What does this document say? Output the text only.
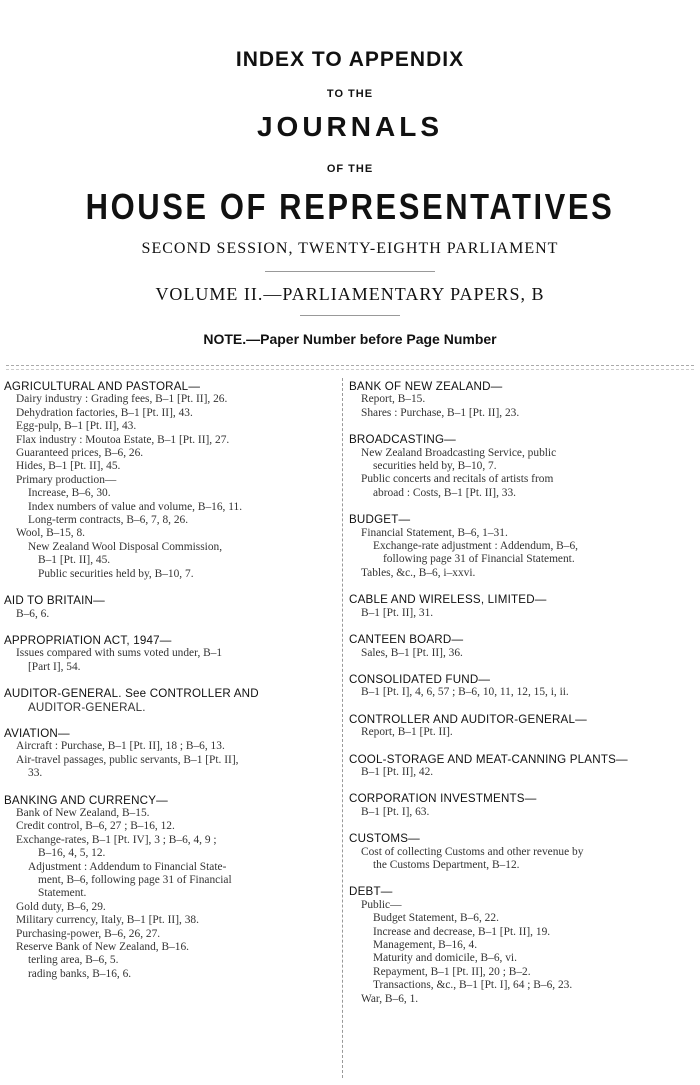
INDEX TO APPENDIX
TO THE
JOURNALS
OF THE
HOUSE OF REPRESENTATIVES
SECOND SESSION, TWENTY-EIGHTH PARLIAMENT
VOLUME II.—PARLIAMENTARY PAPERS, B
NOTE.—Paper Number before Page Number
AGRICULTURAL AND PASTORAL—
Dairy industry : Grading fees, B–1 [Pt. II], 26.
Dehydration factories, B–1 [Pt. II], 43.
Egg-pulp, B–1 [Pt. II], 43.
Flax industry : Moutoa Estate, B–1 [Pt. II], 27.
Guaranteed prices, B–6, 26.
Hides, B–1 [Pt. II], 45.
Primary production—
Increase, B–6, 30.
Index numbers of value and volume, B–16, 11.
Long-term contracts, B–6, 7, 8, 26.
Wool, B–15, 8.
New Zealand Wool Disposal Commission,
B–1 [Pt. II], 45.
Public securities held by, B–10, 7.
AID TO BRITAIN—
B–6, 6.
APPROPRIATION ACT, 1947—
Issues compared with sums voted under, B–1
[Part I], 54.
AUDITOR-GENERAL. See CONTROLLER AND
AUDITOR-GENERAL.
AVIATION—
Aircraft : Purchase, B–1 [Pt. II], 18 ; B–6, 13.
Air-travel passages, public servants, B–1 [Pt. II],
33.
BANKING AND CURRENCY—
Bank of New Zealand, B–15.
Credit control, B–6, 27 ; B–16, 12.
Exchange-rates, B–1 [Pt. IV], 3 ; B–6, 4, 9 ;
B–16, 4, 5, 12.
Adjustment : Addendum to Financial State-
ment, B–6, following page 31 of Financial
Statement.
Gold duty, B–6, 29.
Military currency, Italy, B–1 [Pt. II], 38.
Purchasing-power, B–6, 26, 27.
Reserve Bank of New Zealand, B–16.
terling area, B–6, 5.
rading banks, B–16, 6.
BANK OF NEW ZEALAND—
Report, B–15.
Shares : Purchase, B–1 [Pt. II], 23.
BROADCASTING—
New Zealand Broadcasting Service, public
securities held by, B–10, 7.
Public concerts and recitals of artists from
abroad : Costs, B–1 [Pt. II], 33.
BUDGET—
Financial Statement, B–6, 1–31.
Exchange-rate adjustment : Addendum, B–6,
following page 31 of Financial Statement.
Tables, &c., B–6, i–xxvi.
CABLE AND WIRELESS, LIMITED—
B–1 [Pt. II], 31.
CANTEEN BOARD—
Sales, B–1 [Pt. II], 36.
CONSOLIDATED FUND—
B–1 [Pt. I], 4, 6, 57 ; B–6, 10, 11, 12, 15, i, ii.
CONTROLLER AND AUDITOR-GENERAL—
Report, B–1 [Pt. II].
COOL-STORAGE AND MEAT-CANNING PLANTS—
B–1 [Pt. II], 42.
CORPORATION INVESTMENTS—
B–1 [Pt. I], 63.
CUSTOMS—
Cost of collecting Customs and other revenue by
the Customs Department, B–12.
DEBT—
Public—
Budget Statement, B–6, 22.
Increase and decrease, B–1 [Pt. II], 19.
Management, B–16, 4.
Maturity and domicile, B–6, vi.
Repayment, B–1 [Pt. II], 20 ; B–2.
Transactions, &c., B–1 [Pt. I], 64 ; B–6, 23.
War, B–6, 1.
